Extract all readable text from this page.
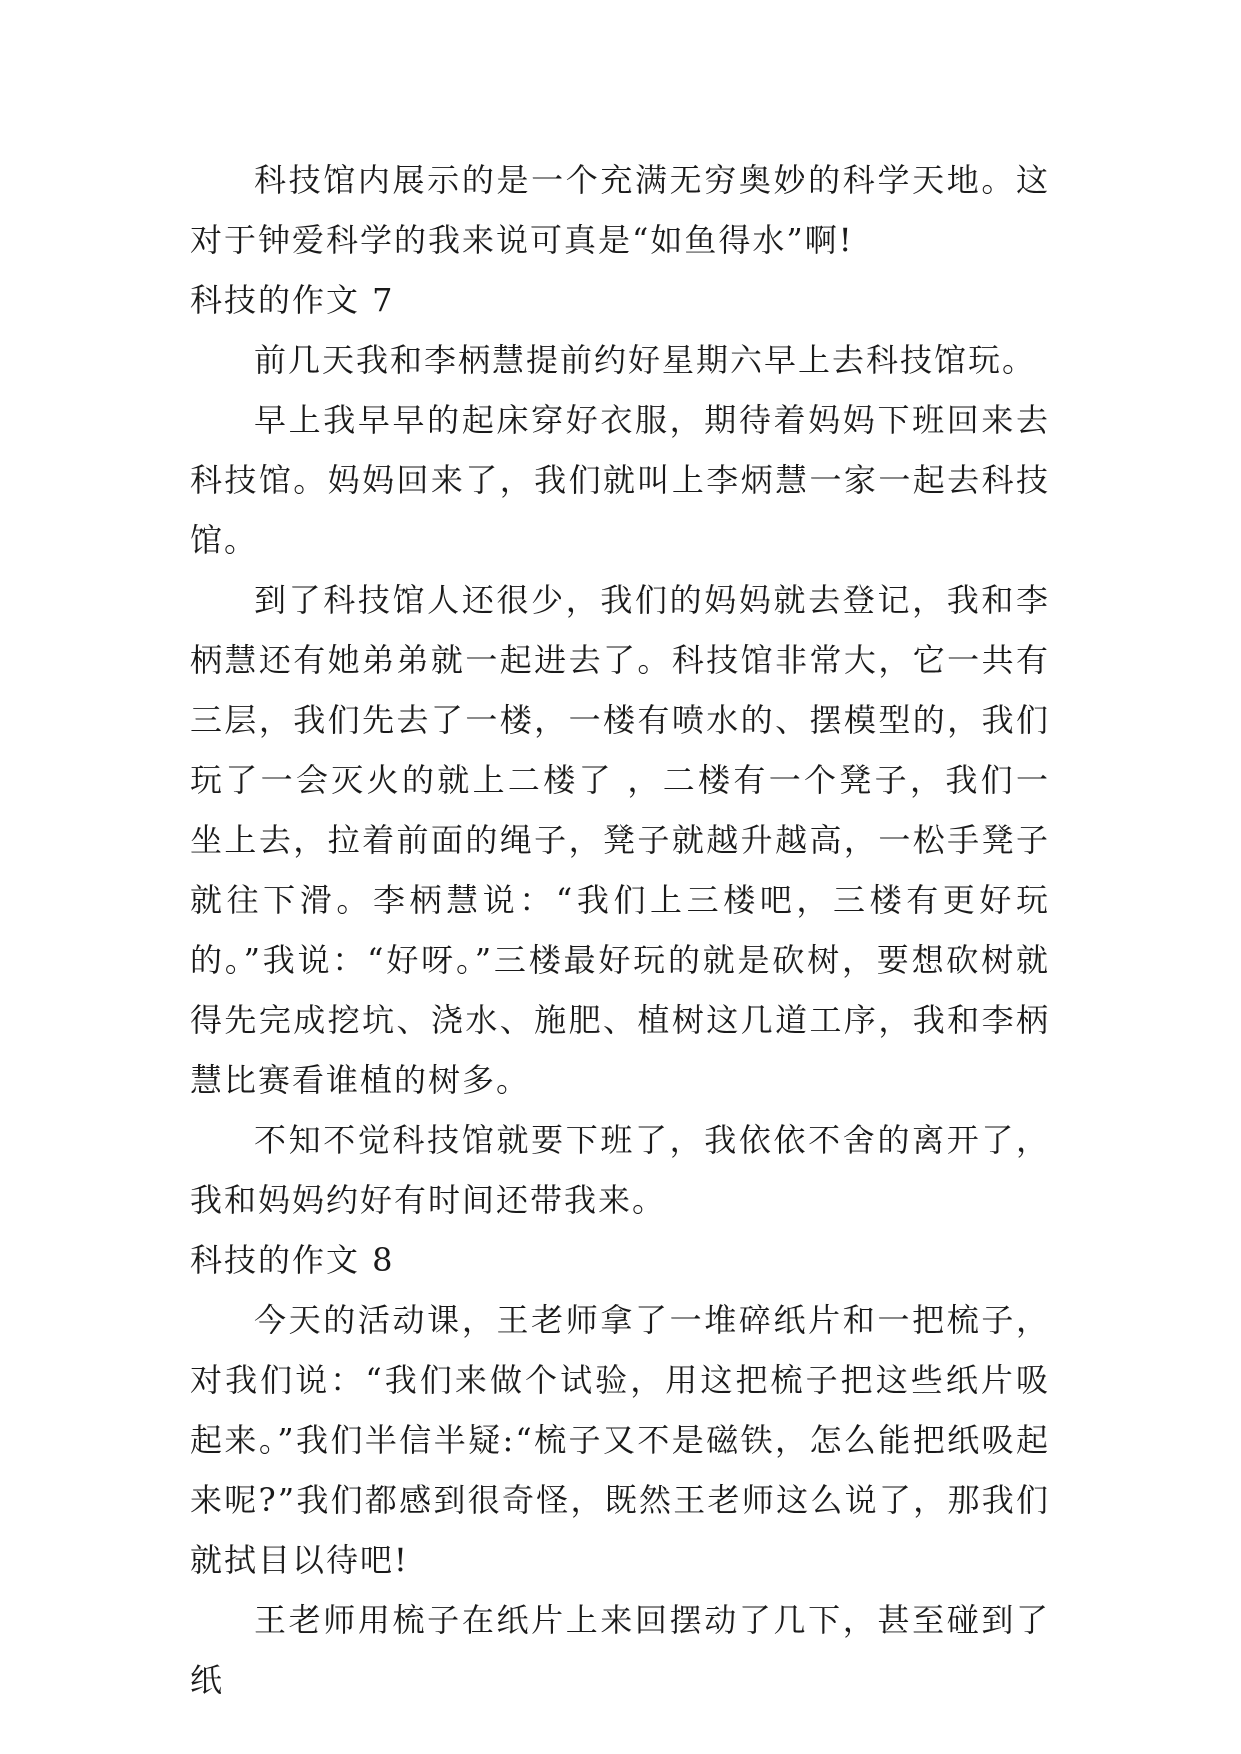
科技馆内展示的是一个充满无穷奥妙的科学天地。这对于钟爱科学的我来说可真是“如鱼得水”啊!

科技的作文 7

前几天我和李柄慧提前约好星期六早上去科技馆玩。

早上我早早的起床穿好衣服，期待着妈妈下班回来去科技馆。妈妈回来了，我们就叫上李炳慧一家一起去科技馆。

到了科技馆人还很少，我们的妈妈就去登记，我和李柄慧还有她弟弟就一起进去了。科技馆非常大，它一共有三层，我们先去了一楼，一楼有喷水的、摆模型的，我们玩了一会灭火的就上二楼了 ，二楼有一个凳子，我们一坐上去，拉着前面的绳子，凳子就越升越高，一松手凳子就往下滑。李柄慧说：“我们上三楼吧，三楼有更好玩的。”我说：“好呀。”三楼最好玩的就是砍树，要想砍树就 得先完成挖坑、浇水、施肥、植树这几道工序，我和李柄慧比赛看谁植的树多。

不知不觉科技馆就要下班了，我依依不舍的离开了，我和妈妈约好有时间还带我来。

科技的作文 8

今天的活动课，王老师拿了一堆碎纸片和一把梳子，对我们说：“我们来做个试验，用这把梳子把这些纸片吸起来。”我们半信半疑:“梳子又不是磁铁，怎么能把纸吸起来呢?”我们都感到很奇怪，既然王老师这么说了，那我们就拭目以待吧!

王老师用梳子在纸片上来回摆动了几下，甚至碰到了纸
